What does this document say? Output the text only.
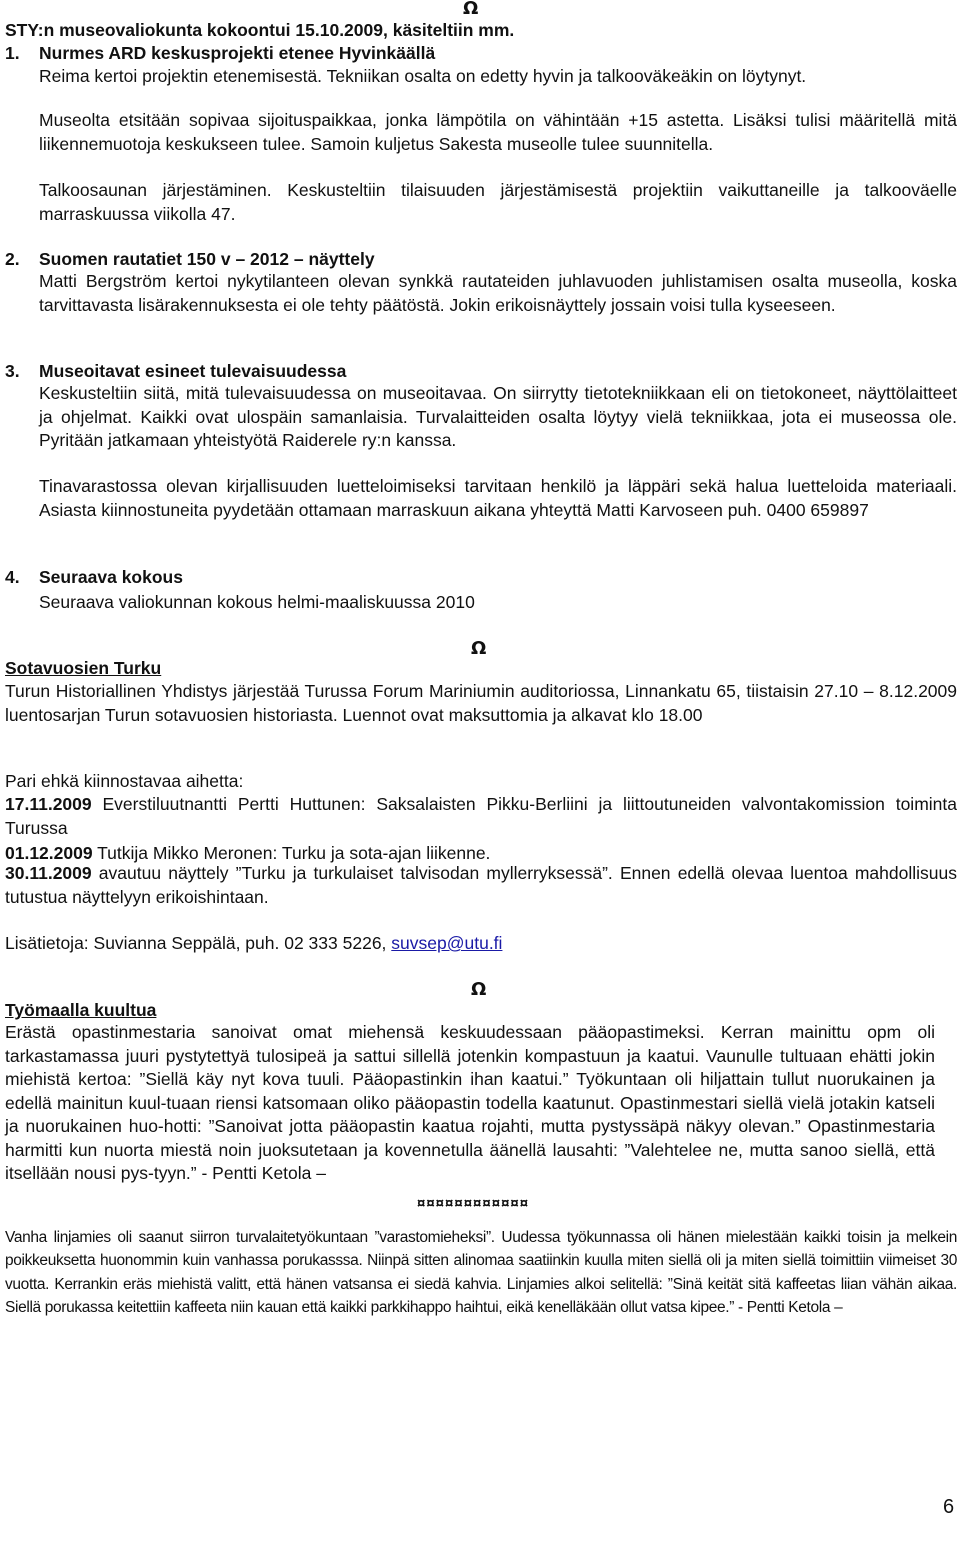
Ω
STY:n museovaliokunta kokoontui 15.10.2009, käsiteltiin mm.
1. Nurmes ARD keskusprojekti etenee Hyvinkäällä
Reima kertoi projektin etenemisestä. Tekniikan osalta on edetty hyvin ja talkooväkeäkin on löytynyt.
Museolta etsitään sopivaa sijoituspaikkaa, jonka lämpötila on vähintään +15 astetta. Lisäksi tulisi määritellä mitä liikennemuotoja keskukseen tulee. Samoin kuljetus Sakesta museolle tulee suunnitella.
Talkoosaunan järjestäminen. Keskusteltiin tilaisuuden järjestämisestä projektiin vaikuttaneille ja talkooväelle marraskuussa viikolla 47.
2. Suomen rautatiet 150 v – 2012 – näyttely
Matti Bergström kertoi nykytilanteen olevan synkkä rautateiden juhlavuoden juhlistamisen osalta museolla, koska tarvittavasta lisärakennuksesta ei ole tehty päätöstä. Jokin erikoisnäyttely jossain voisi tulla kyseeseen.
3. Museoitavat esineet tulevaisuudessa
Keskusteltiin siitä, mitä tulevaisuudessa on museoitavaa. On siirrytty tietotekniikkaan eli on tietokoneet, näyttölaitteet ja ohjelmat. Kaikki ovat ulospäin samanlaisia. Turvalaitteiden osalta löytyy vielä tekniikkaa, jota ei museossa ole. Pyritään jatkamaan yhteistyötä Raiderele ry:n kanssa.
Tinavarastossa olevan kirjallisuuden luetteloimiseksi tarvitaan henkilö ja läppäri sekä halua luetteloida materiaali. Asiasta kiinnostuneita pyydetään ottamaan marraskuun aikana yhteyttä Matti Karvoseen puh. 0400 659897
4. Seuraava kokous
Seuraava valiokunnan kokous helmi-maaliskuussa 2010
Ω
Sotavuosien Turku
Turun Historiallinen Yhdistys järjestää Turussa Forum Mariniumin auditoriossa, Linnankatu 65, tiistaisin 27.10 – 8.12.2009 luentosarjan Turun sotavuosien historiasta. Luennot ovat maksuttomia ja alkavat klo 18.00
Pari ehkä kiinnostavaa aihetta:
17.11.2009 Everstiluutnantti Pertti Huttunen: Saksalaisten Pikku-Berliini ja liittoutuneiden valvontakomission toiminta Turussa
01.12.2009 Tutkija Mikko Meronen: Turku ja sota-ajan liikenne.
30.11.2009 avautuu näyttely ”Turku ja turkulaiset talvisodan myllerryksessä”. Ennen edellä olevaa luentoa mahdollisuus tutustua näyttelyyn erikoishintaan.
Lisätietoja: Suvianna Seppälä, puh. 02 333 5226, suvsep@utu.fi
Ω
Työmaalla kuultua
Erästä opastinmestaria sanoivat omat miehensä keskuudessaan pääopastimeksi. Kerran mainittu opm oli tarkastamassa juuri pystytettyä tulosipeä ja sattui sillellä jotenkin kompastuun ja kaatui. Vaunulle tultuaan ehätti jokin miehistä kertoa: ”Siellä käy nyt kova tuuli. Pääopastinkin ihan kaatui.” Työkuntaan oli hiljattain tullut nuorukainen ja edellä mainitun kuul-tuaan riensi katsomaan oliko pääopastin todella kaatunut. Opastinmestari siellä vielä jotakin katseli ja nuorukainen huo-hotti: ”Sanoivat jotta pääopastin kaatua rojahti, mutta pystyssäpä näkyy olevan.” Opastinmestaria harmitti kun nuorta miestä noin juoksutetaan ja kovennetulla äänellä lausahti: ”Valehtelee ne, mutta sanoo siellä, että itsellään nousi pys-tyyn.” - Pentti Ketola –
¤¤¤¤¤¤¤¤¤¤¤¤
Vanha linjamies oli saanut siirron turvalaitetyökuntaan ”varastomieheksi”. Uudessa työkunnassa oli hänen mielestään kaikki toisin ja melkein poikkeuksetta huonommin kuin vanhassa porukasssa. Niinpä sitten alinomaa saatiinkin kuulla miten siellä oli ja miten siellä toimittiin viimeiset 30 vuotta. Kerrankin eräs miehistä valitt, että hänen vatsansa ei siedä kahvia. Linjamies alkoi selitellä: ”Sinä keität sitä kaffeetas liian vähän aikaa. Siellä porukassa keitettiin kaffeeta niin kauan että kaikki parkkihappo haihtui, eikä kenelläkään ollut vatsa kipee.” - Pentti Ketola –
6
